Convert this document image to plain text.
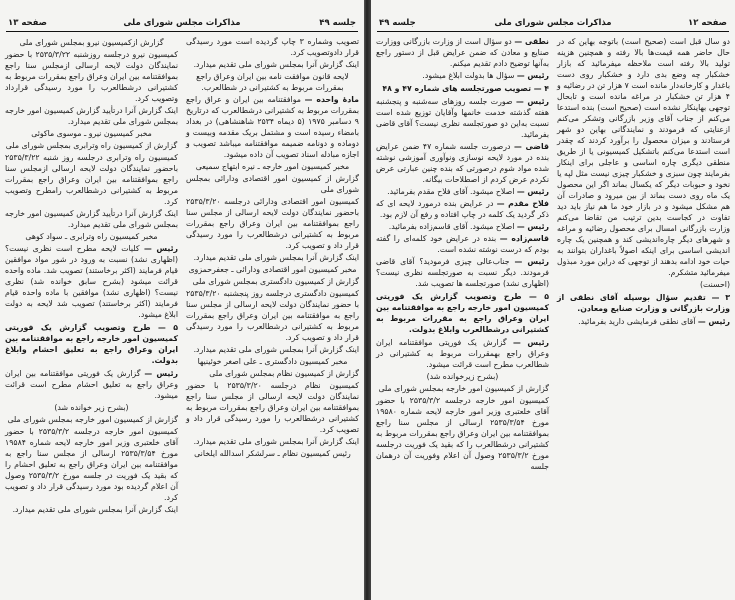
صفحه ۱۳	مذاکرات مجلس شورای ملی	جلسه ۴۹

تصویب وشماره ۳ چاپ گردیده است مورد رسیدگی قرار دادوتصویب کرد.

اینک گزارش آنرا بمجلس شورای ملی تقدیم میدارد.

لایحه قانون موافقت نامه بین ایران وعراق راجع بمقررات مربوط به کشتیرانی در شطالعرب.

مادهٔ واحده — موافقتنامه بین ایران و عراق راجع بمقررات مربوط به کشتیرانی درشطالعرب که درتاریخ ۹ دسامبر ۱۹۷۵ (۵ دیماه ۲۵۳۴ شاهنشاهی) در بغداد بامضاء رسیده است و مشتمل بریک مقدمه وبیست و دوماده و دونامه ضمیمه موافقتنامه میباشد تصویب و اجازه مبادله اسناد تصویب آن داده میشود.

مخبر کمیسیون امور خارجه ـ نیره ابتهاج سمیعی

گزارش از کمیسیون امور اقتصادی ودارائی بمجلس شورای ملی

کمیسیون امور اقتصادی ودارائی درجلسه ۲۵۳۵/۳/۲۰ باحضور نمایندگان دولت لایحه ارسالی از مجلس سنا راجع بموافقتنامه بین ایران وعراق راجع بمقررات مربوط به کشتیرانی درشطالعرب را مورد رسیدگی قرار داد و تصویب کرد.

اینک گزارش آنرا بمجلس شورای ملی تقدیم میدارد.

مخبر کمیسیون امور اقتصادی ودارائی ـ جعفرحمزوی

گزارش از کمیسیون دادگستری بمجلس شورای ملی

کمیسیون دادگستری درجلسه روز پنجشنبه ۲۵۳۵/۳/۲۰ با حضور نمایندگان دولت لایحه ارسالی از مجلس سنا راجع به موافقتنامه بین ایران وعراق راجع بمقررات مربوط به کشتیرانی درشطالعرب را مورد رسیدگی قرار داد و تصویب کرد.

اینک گزارش آنرا بمجلس شورای ملی تقدیم میدارد.

مخبر کمیسیون دادگستری ـ علی اصغر خوئینیها

گزارش از کمیسیون نظام بمجلس شورای ملی

کمیسیون نظام درجلسه ۲۵۳۵/۳/۲۰ با حضور نمایندگان دولت لایحه ارسالی از مجلس سنا راجع بموافقتنامه بین ایران وعراق راجع بمقررات مربوط به کشتیرانی درشطالعرب را مورد رسیدگی قرار داد و تصویب کرد.

اینک گزارش آنرا بمجلس شورای ملی تقدیم میدارد.

رئیس کمیسیون نظام ـ سرلشکر اسدالله ایلخانی

گزارش ازکمیسیون نیرو بمجلس شورای ملی

کمیسیون نیرو درجلسه روزشنبه ۲۵۳۵/۳/۲۲ با حضور نمایندگان دولت لایحه ارسالی ازمجلس سنا راجع بموافقتنامه بین ایران وعراق راجع بمقررات مربوط به کشتیرانی درشطالعرب را مورد رسیدگی قرارداد وتصویب کرد.

اینک گزارش آنرا درتأیید گزارش کمیسیون امور خارجه بمجلس شورای ملی تقدیم میدارد.

مخبر کمیسیون نیرو ـ موسوی ماکوئی

گزارش از کمیسیون راه وترابری بمجلس شورای ملی

کمیسیون راه وترابری درجلسه روز شنبه ۲۵۳۵/۳/۲۲ باحضور نمایندگان دولت لایحه ارسالی ازمجلس سنا راجع بموافقتنامه بین ایران وعراق راجع بمقررات مربوط به کشتیرانی درشطالعرب رامطرح وتصویب کرد.

اینک گزارش آنرا درتأیید گزارش کمیسیون امور خارجه بمجلس شورای ملی تقدیم میدارد.

مخبر کمیسیون راه وترابری ـ سواد کوهی

رئیس — کلیات لایحه مطرح است نظری نیست؟ (اظهاری نشد) نسبت به ورود در شور مواد موافقین قیام فرمایند (اکثر برخاستند) تصویب شد. ماده واحده قرائت میشود (بشرح سابق خوانده شد) نظری نیست؟ (اظهاری نشد) موافقین با ماده واحده قیام فرمایند (اکثر برخاستند) تصویب شد لایحه به دولت ابلاغ میشود.

۵ — طرح وتصویب گزارش یک فوریتی کمیسیون امور خارجه راجع به موافقتنامه بین ایران وعراق راجع به تعلیق احشام وابلاغ بدولت.

رئیس — گزارش یک فوریتی موافقتنامه بین ایران وعراق راجع به تعلیق احشام مطرح است قرائت میشود.

(بشرح زیر خوانده شد)

گزارش از کمیسیون امور خارجه بمجلس شورای ملی

کمیسیون امور خارجه درجلسه ۲۵۳۵/۳/۲ با حضور آقای خلعتبری وزیر امور خارجه لایحه شماره ۱۹۵۸۴ مورخ ۲۵۳۵/۳/۵۴ ارسالی از مجلس سنا راجع به موافقتنامه بین ایران وعراق راجع به تعلیق احشام را که بقید یک فوریت در جلسه مورخ ۲۵۳۵/۳/۲ وصول آن اعلام گردیده بود مورد رسیدگی قرار داد و تصویب کرد.

اینک گزارش آنرا بمجلس شورای ملی تقدیم میدارد.

صفحه ۱۲
مذاکرات مجلس شورای ملی
جلسه ۴۹

دو سال قبل است (صحیح است) باتوجه بهاین که در حال حاضر همه قیمت‌ها بالا رفته و همچنین هزینه تولید بالا رفته است ملاحظه میفرمائید که بازار خشکبار چه وضع بدی دارد و خشکبار روی دست باغدار و کارخانه‌دار مانده است ۷ هزار تن در رضائیه و ۴ هزار تن خشکبار در مراغه مانده است و تابحال توجهی بهاینکار نشده است (صحیح است) بنده استدعا می‌کنم از جناب آقای وزیر بازرگانی وتشکر می‌کنم ازعنایتی که فرمودند و نمایندگانی بهاین دو شهر فرستادند و میزان محصول را برآورد کردند که چقدر است استدعا می‌کنم باتشکیل کمیسیونی یا از طریق منطقی دیگری چاره اساسی و عاجلی برای اینکار بفرمایند چون سبزی و خشکبار چیزی نیست مثل لپه یا نخود و حبوبات دیگر که یکسال بماند اگر این محصول یک ماه روی دست بماند از بین میرود و صادرات آن هم مشکل میشود و در بازار خود ما هم نیاز باید دید تفاوت در کجاست بدین ترتیب من تقاضا می‌کنم وزارت بازرگانی امسال برای محصول رضائیه و مراغه و شهرهای دیگر چاره‌اندیشی کند و همچنین یک چاره اندیشی اساسی برای اینکه اصولاً باغداران بتوانند به حیات خود ادامه بدهند از توجهی که دراین مورد مبذول میفرمائید متشکرم.

(احسنت)

۳ — تقدیم سؤال بوسیله آقای نطقی از وزارت بازرگانی و وزارت صنایع ومعادن.

رئیس — آقای نطقی فرمایشی دارید بفرمائید.

نطقی — دو سؤال است از وزارت بازرگانی ووزارت صنایع و معادن که ضمن عرایض قبل از دستور راجع به‌آنها توضیح دادم تقدیم میکنم.

رئیس — سؤال ها بدولت ابلاغ میشود.

۴ — تصویب صورتجلسه های شماره ۴۷ و ۴۸

رئیس — صورت جلسه روزهای سه‌شنبه و پنجشنبه هفته گذشته خدمت خانمها وآقایان توزیع شده است نسبت به‌این دو صورتجلسه نظری نیست؟ آقای قاضی بفرمائید.

قاضی — درصورت جلسه شماره ۴۷ ضمن عرایض بنده در مورد لایحه نوسازی ونوآوری آموزشی نوشته شده مواد شوم درصورتی که بنده چنین عبارتی عرض نکردم عرض کردم از اصطلاحات بیگانه.

رئیس — اصلاح میشود. آقای فلاح مقدم بفرمائید.

فلاح مقدم — در عرایض بنده درمورد لایحه ای که ذکر گردید یک کلمه در چاپ افتاده و رفع آن لازم بود.

رئیس — اصلاح میشود. آقای قاسم‌زاده بفرمائید.

قاسم‌زاده — بنده در عرایض خود کلمه‌ای را گفته بودم که درست نوشته نشده است.

رئیس — جناب‌عالی چیزی فرمودید؟ آقای قاضی فرمودند. دیگر نسبت به صورتجلسه نظری نیست؟ (اظهاری نشد) صورتجلسه ها تصویب شد.

۵ — طرح وتصویب گزارش یک فوریتی کمیسیون امور خارجه راجع به موافقتنامه بین ایران وعراق راجع به مقررات مربوط به کشتیرانی درشطالعرب وابلاغ بدولت.

رئیس — گزارش یک فوریتی موافقتنامه ایران وعراق راجع بهمقررات مربوط به کشتیرانی در شطالعرب مطرح است قرائت میشود.

(بشرح زیرخوانده شد)

گزارش از کمیسیون امور خارجه بمجلس شورای ملی

کمیسیون امور خارجه درجلسه ۲۵۳۵/۳/۲ با حضور آقای خلعتبری وزیر امور خارجه لایحه شماره ۱۹۵۸۰ مورخ ۲۵۳۵/۳/۵۴ ارسالی از مجلس سنا راجع بموافقتنامه بین ایران وعراق راجع بمقررات مربوط به کشتیرانی درشطالعرب را که بقید یک فوریت درجلسه مورخ ۲۵۳۵/۳/۲ وصول آن اعلام وفوریت آن درهمان جلسه
